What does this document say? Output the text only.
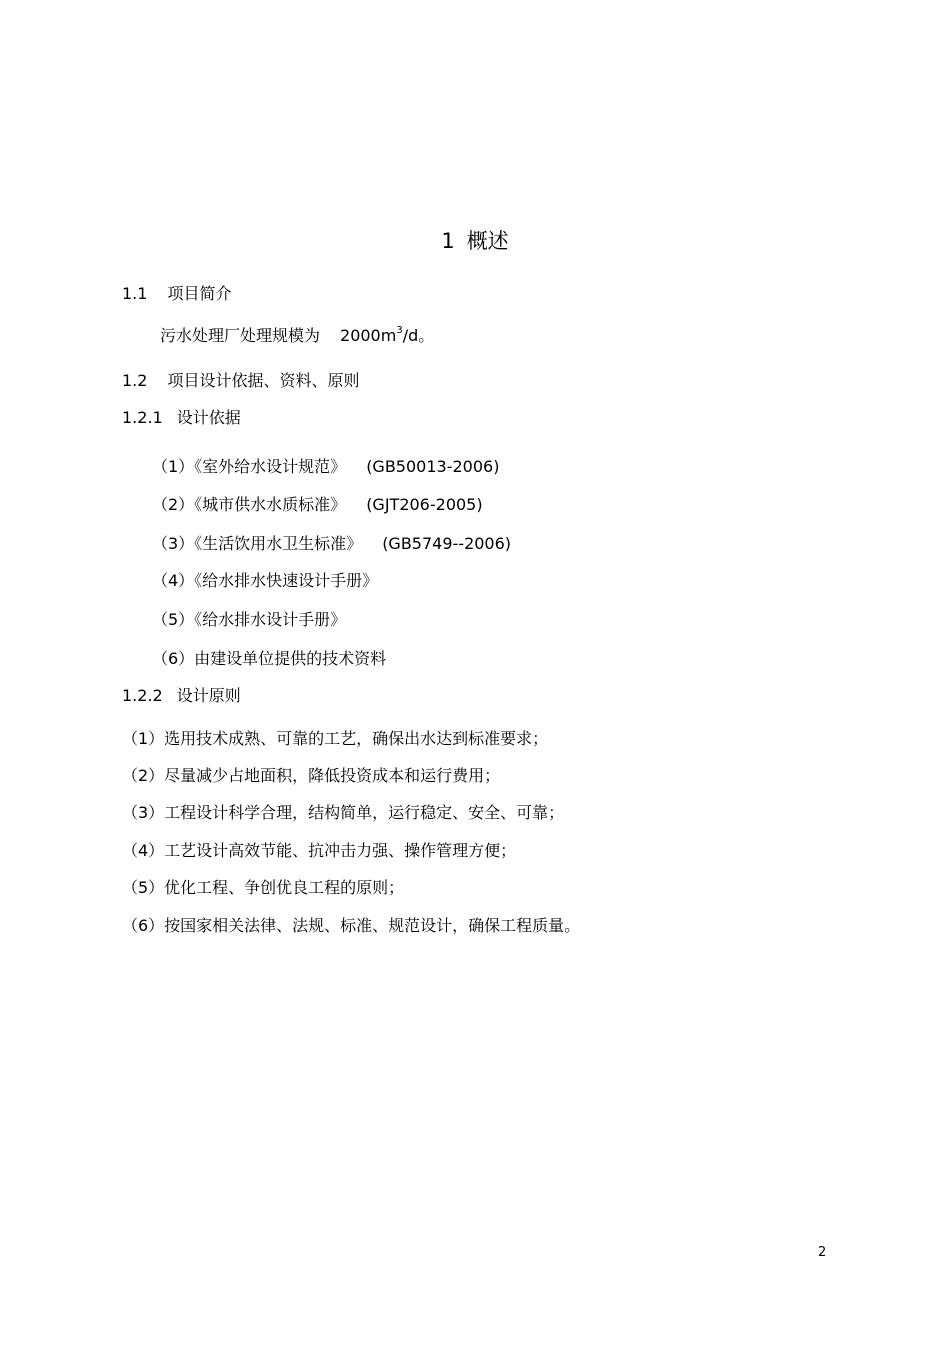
1 概述
1.1 项目简介
污水处理厂处理规模为 $2000m^3/d$。
1.2 项目设计依据、资料、原则
1.2.1 设计依据
（1）《室外给水设计规范》 (GB50013-2006)
（2）《城市供水水质标准》 (GJT206-2005)
（3）《生活饮用水卫生标准》 (GB5749--2006)
（4）《给水排水快速设计手册》
（5）《给水排水设计手册》
（6）由建设单位提供的技术资料
1.2.2 设计原则
（1）选用技术成熟、可靠的工艺，确保出水达到标准要求；
（2）尽量减少占地面积，降低投资成本和运行费用；
（3）工程设计科学合理，结构简单，运行稳定、安全、可靠；
（4）工艺设计高效节能、抗冲击力强、操作管理方便；
（5）优化工程、争创优良工程的原则；
（6）按国家相关法律、法规、标准、规范设计，确保工程质量。
2
